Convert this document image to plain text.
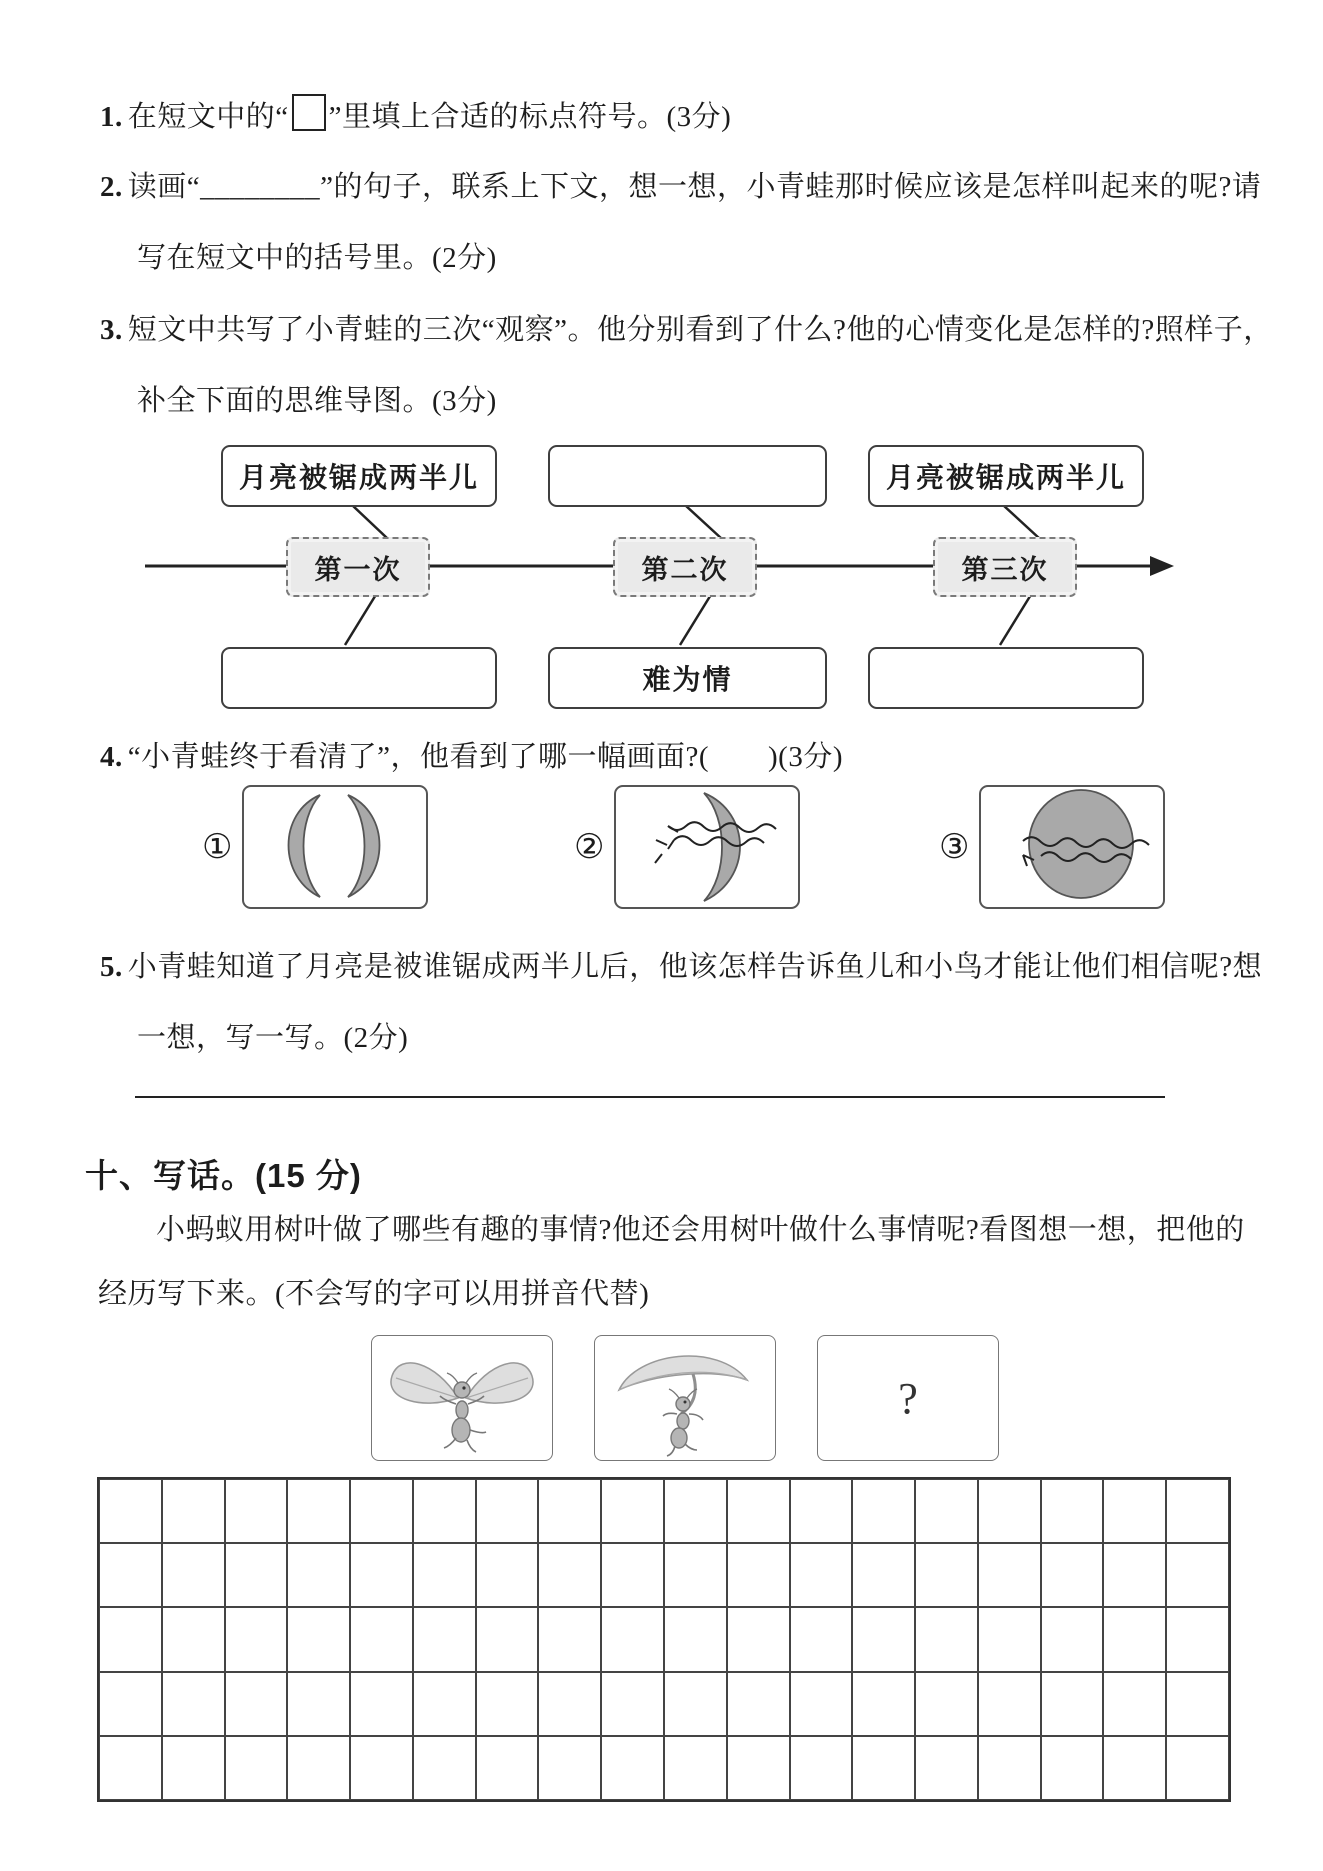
1. 在短文中的“ ”里填上合适的标点符号。(3分)
2. 读画“________”的句子，联系上下文，想一想，小青蛙那时候应该是怎样叫起来的呢?请写在短文中的括号里。(2分)
3. 短文中共写了小青蛙的三次“观察”。他分别看到了什么?他的心情变化是怎样的?照样子，补全下面的思维导图。(3分)
月亮被锯成两半儿	月亮被锯成两半儿
第一次	第二次	第三次
难为情
4. “小青蛙终于看清了”，他看到了哪一幅画面?(　　)(3分)
①	②	③
5. 小青蛙知道了月亮是被谁锯成两半儿后，他该怎样告诉鱼儿和小鸟才能让他们相信呢?想一想，写一写。(2分)
十、写话。(15 分)
小蚂蚁用树叶做了哪些有趣的事情?他还会用树叶做什么事情呢?看图想一想，把他的经历写下来。(不会写的字可以用拼音代替)
?
